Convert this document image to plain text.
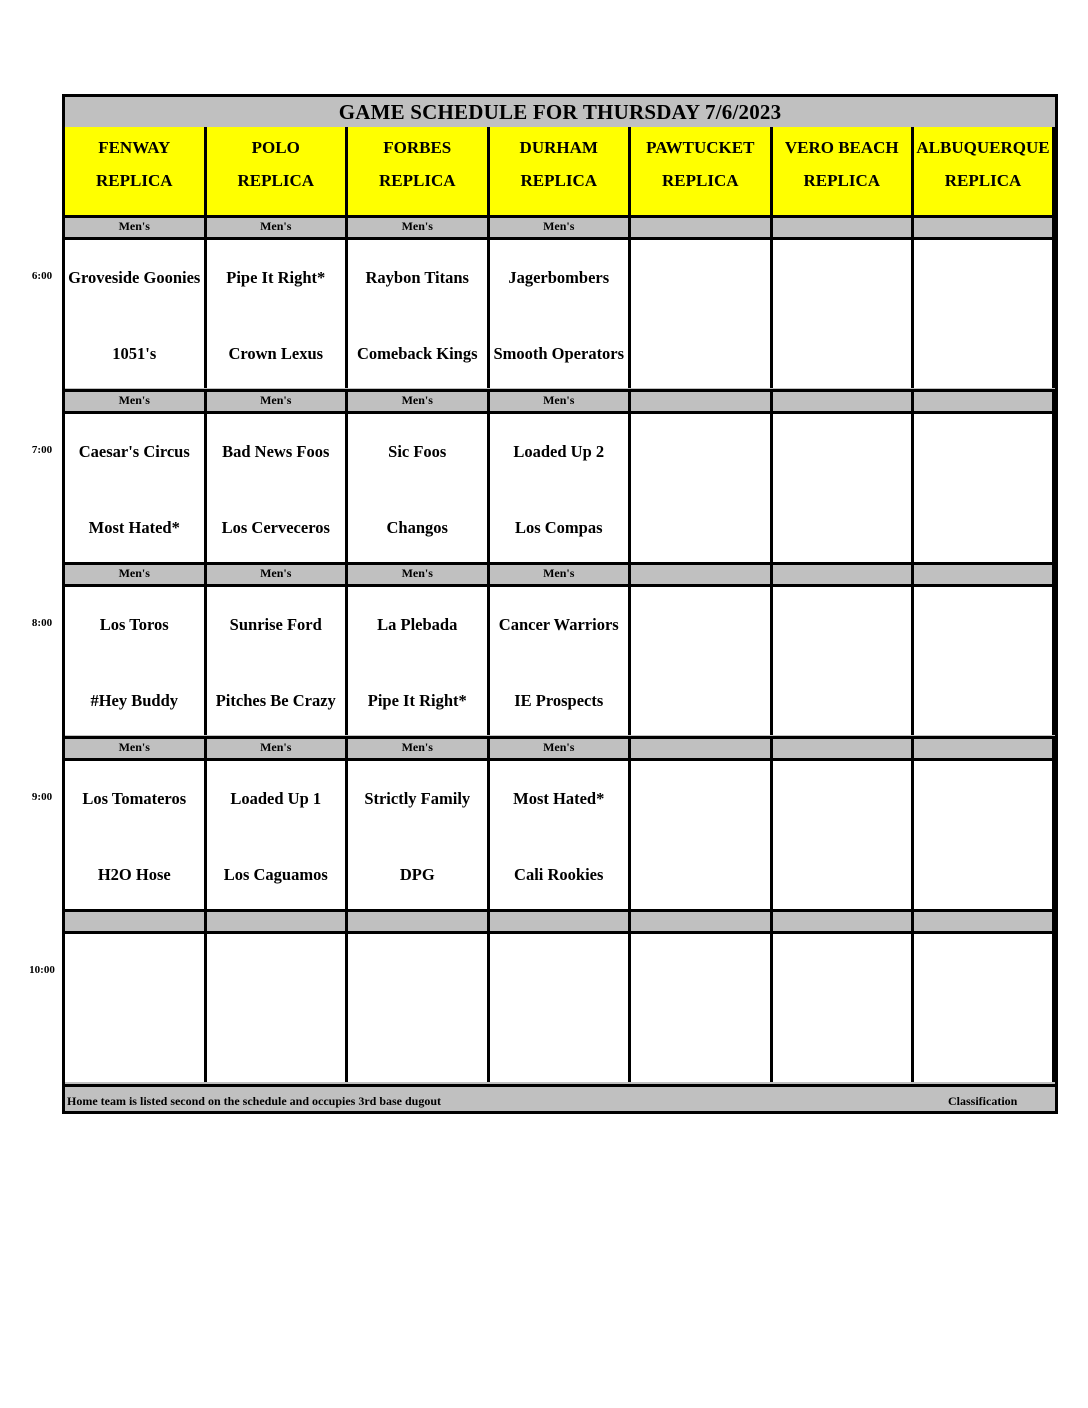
6:00
7:00
8:00
9:00
10:00
GAME SCHEDULE FOR THURSDAY 7/6/2023
FENWAY
REPLICA
POLO
REPLICA
FORBES
REPLICA
DURHAM
REPLICA
PAWTUCKET
REPLICA
VERO BEACH
REPLICA
ALBUQUERQUE
REPLICA
Men's
Groveside Goonies
1051's
Men's
Pipe It Right*
Crown Lexus
Men's
Raybon Titans
Comeback Kings
Men's
Jagerbombers
Smooth Operators
Men's
Caesar's Circus
Most Hated*
Men's
Bad News Foos
Los Cerveceros
Men's
Sic Foos
Changos
Men's
Loaded Up 2
Los Compas
Men's
Los Toros
#Hey Buddy
Men's
Sunrise Ford
Pitches Be Crazy
Men's
La Plebada
Pipe It Right*
Men's
Cancer Warriors
IE Prospects
Men's
Los Tomateros
H2O Hose
Men's
Loaded Up 1
Los Caguamos
Men's
Strictly Family
DPG
Men's
Most Hated*
Cali Rookies
Home team is listed second on the schedule and occupies 3rd base dugout	Classification
